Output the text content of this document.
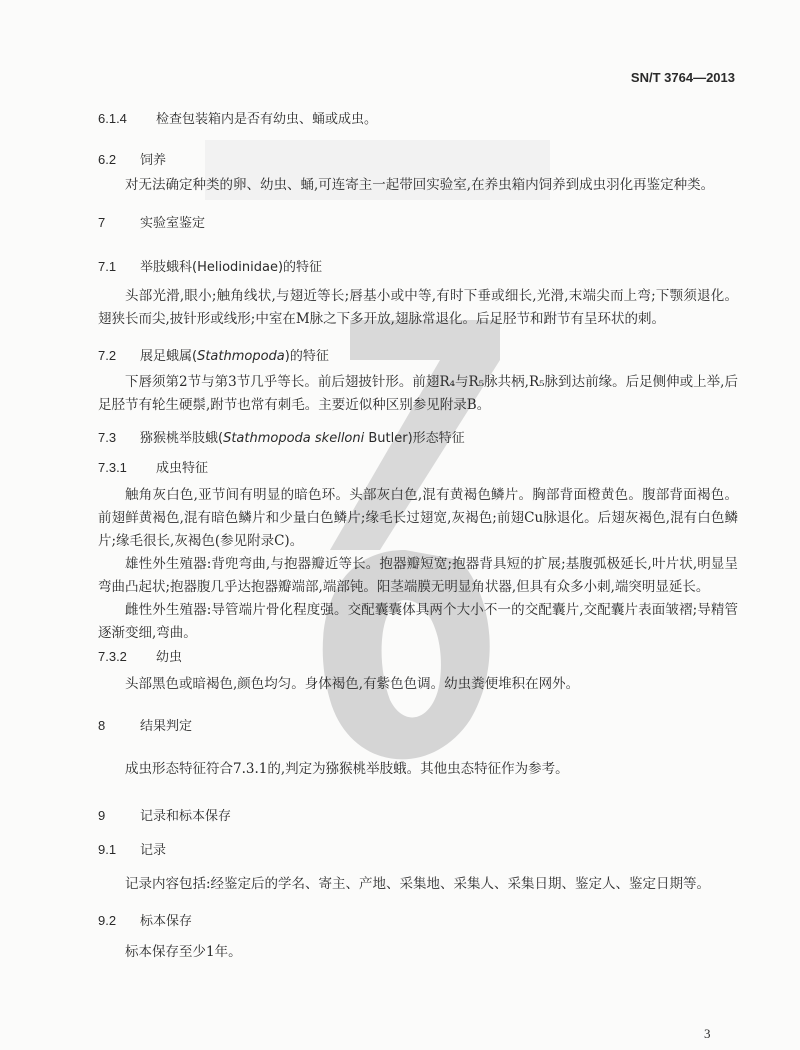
SN/T 3764—2013
6.1.4 检查包装箱内是否有幼虫、蛹或成虫。
6.2 饲养
对无法确定种类的卵、幼虫、蛹,可连寄主一起带回实验室,在养虫箱内饲养到成虫羽化再鉴定种类。
7	实验室鉴定
7.1 举肢蛾科(Heliodinidae)的特征
头部光滑,眼小;触角线状,与翅近等长;唇基小或中等,有时下垂或细长,光滑,末端尖而上弯;下颚须退化。翅狭长而尖,披针形或线形;中室在M脉之下多开放,翅脉常退化。后足胫节和跗节有呈环状的刺。
7.2 展足蛾属(Stathmopoda)的特征
下唇须第2节与第3节几乎等长。前后翅披针形。前翅R₄与R₅脉共柄,R₅脉到达前缘。后足侧伸或上举,后足胫节有轮生硬鬃,跗节也常有刺毛。主要近似种区别参见附录B。
7.3 猕猴桃举肢蛾(Stathmopoda skelloni Butler)形态特征
7.3.1 成虫特征
触角灰白色,亚节间有明显的暗色环。头部灰白色,混有黄褐色鳞片。胸部背面橙黄色。腹部背面褐色。前翅鲜黄褐色,混有暗色鳞片和少量白色鳞片;缘毛长过翅宽,灰褐色;前翅Cu脉退化。后翅灰褐色,混有白色鳞片;缘毛很长,灰褐色(参见附录C)。
雄性外生殖器:背兜弯曲,与抱器瓣近等长。抱器瓣短宽;抱器背具短的扩展;基腹弧极延长,叶片状,明显呈弯曲凸起状;抱器腹几乎达抱器瓣端部,端部钝。阳茎端膜无明显角状器,但具有众多小刺,端突明显延长。
雌性外生殖器:导管端片骨化程度强。交配囊囊体具两个大小不一的交配囊片,交配囊片表面皱褶;导精管逐渐变细,弯曲。
7.3.2 幼虫
头部黑色或暗褐色,颜色均匀。身体褐色,有紫色色调。幼虫粪便堆积在网外。
8	结果判定
成虫形态特征符合7.3.1的,判定为猕猴桃举肢蛾。其他虫态特征作为参考。
9	记录和标本保存
9.1 记录
记录内容包括:经鉴定后的学名、寄主、产地、采集地、采集人、采集日期、鉴定人、鉴定日期等。
9.2 标本保存
标本保存至少1年。
3
